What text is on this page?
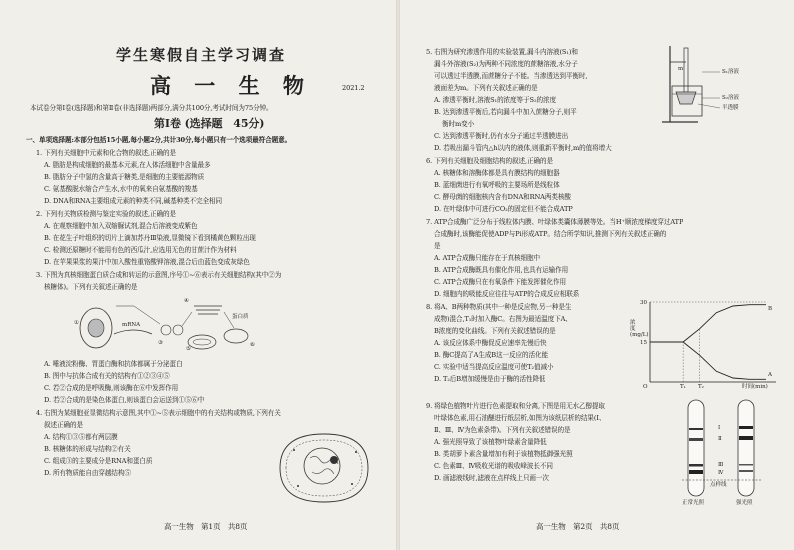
学生寒假自主学习调查
高 一 生 物	2021.2
本试卷分第Ⅰ卷(选择题)和第Ⅱ卷(非选择题)两部分,满分共100分,考试时间为75分钟。
第Ⅰ卷 (选择题　45分)
一、单项选择题:本部分包括15小题,每小题2分,共计30分,每小题只有一个选项最符合题意。
1. 下列有关细胞中元素和化合物的叙述,正确的是
A. 脂肪是构成细胞的最基本元素,在人体活细胞中含量最多
B. 脂肪分子中氢的含量高于糖类,是细胞的主要能源物质
C. 氨基酸脱水缩合产生水,水中的氧来自氨基酸的羧基
D. DNA和RNA主要组成元素的种类不同,碱基种类不完全相同
2. 下列有关物质检测与鉴定实验的叙述,正确的是
A. 在观察细胞中加入双缩脲试剂,混合后溶液变成紫色
B. 在花生子叶组织的切片上滴加苏丹Ⅲ染液,显微镜下看到橘黄色颗粒出现
C. 检测还原糖时不能用有色的西瓜汁,应选用无色的甘蔗汁作为材料
D. 在苹果果浆的果汁中加入酸性重铬酸钾溶液,混合后由蓝色变成灰绿色
3. 下图为真核细胞蛋白质合成和转运的示意图,序号①~⑥表示有关细胞结构(其中②为
核糖体)。下列有关叙述正确的是
①	mRNA
③
④
⑤
⑥
蛋白质
A. 唾液淀粉酶、胃蛋白酶和抗体都属于分泌蛋白
B. 图中与抗体合成有关的结构有①②③④⑤
C. 若②合成的是呼吸酶,则该酶在⑥中发挥作用
D. 若②合成的是染色体蛋白,则该蛋白会运送到①⑤⑥中
4. 右图为某细胞亚显微结构示意图,其中①~⑤表示细胞中的有关结构或物质,下列有关
叙述正确的是
A. 结构①③⑤都有两层膜
B. 核糖体的形成与结构②有关
C. 组成③的主要成分是RNA和蛋白质
D. 所有物质能自由穿越结构⑤
高一生物　第1页　共8页
5. 右图为研究渗透作用的实验装置,漏斗内溶液(S₁)和
漏斗外溶液(S₂)为两种不同浓度的蔗糖溶液,水分子
可以透过半透膜,而蔗糖分子不能。当渗透达到平衡时,
液面差为m。下列有关叙述正确的是
A. 渗透平衡时,溶液S₁的浓度等于S₂的浓度
B. 达到渗透平衡后,若向漏斗中加入蔗糖分子,则平
衡时m变小
C. 达到渗透平衡时,仍有水分子通过半透膜进出
D. 若吸出漏斗管内△h以内的液体,则重新平衡时,m的值将增大
m	S₁溶液
S₂溶液
半透膜
6. 下列有关细胞及细胞结构的叙述,正确的是
A. 核糖体和溶酶体都是具有膜结构的细胞器
B. 蓝细菌进行有氧呼吸的主要场所是线粒体
C. 酵母菌的细胞核内含有DNA和RNA两类核酸
D. 在叶绿体中可进行CO₂的固定但不能合成ATP
7. ATP合成酶广泛分布于线粒体内膜、叶绿体类囊体薄膜等处。当H⁺顺浓度梯度穿过ATP
合成酶时,该酶能促使ADP与Pi形成ATP。结合所学知识,推测下列有关叙述正确的
是
A. ATP合成酶只能存在于真核细胞中
B. ATP合成酶既具有催化作用,也具有运输作用
C. ATP合成酶只在有氧条件下能发挥催化作用
D. 细胞内的吸能反应往往与ATP的合成反应相联系
8. 将A、B两种物质(其中一种是反应物,另一种是生
成物)混合,T₁时加入酶C。右图为最适温度下A、
B浓度的变化曲线。下列有关叙述错误的是
A. 该反应体系中酶促反应速率先慢后快
B. 酶C提高了A生成B这一反应的活化能
C. 实验中适当提高反应温度可使T₂值减小
D. T₂后B增加缓慢是由于酶的活性降低
浓度(mg/L)
30
15
O	T₁ T₂	时间(min)
B
A
9. 将绿色植物叶片进行色素提取和分离,下图是用无水乙醇提取
叶绿体色素,用石油醚进行纸层析,如图为该纸层析的结果(Ⅰ、
Ⅱ、Ⅲ、Ⅳ为色素条带)。下列有关叙述错误的是
A. 强光照导致了该植物叶绿素含量降低
B. 类胡萝卜素含量增加有利于该植物抵御强光照
C. 色素Ⅲ、Ⅳ吸收光谱的吸收峰波长不同
D. 画滤液线时,滤液在点样线上只画一次
Ⅰ
Ⅱ
Ⅲ
Ⅳ
点样线
正常光照	强光照
高一生物　第2页　共8页
